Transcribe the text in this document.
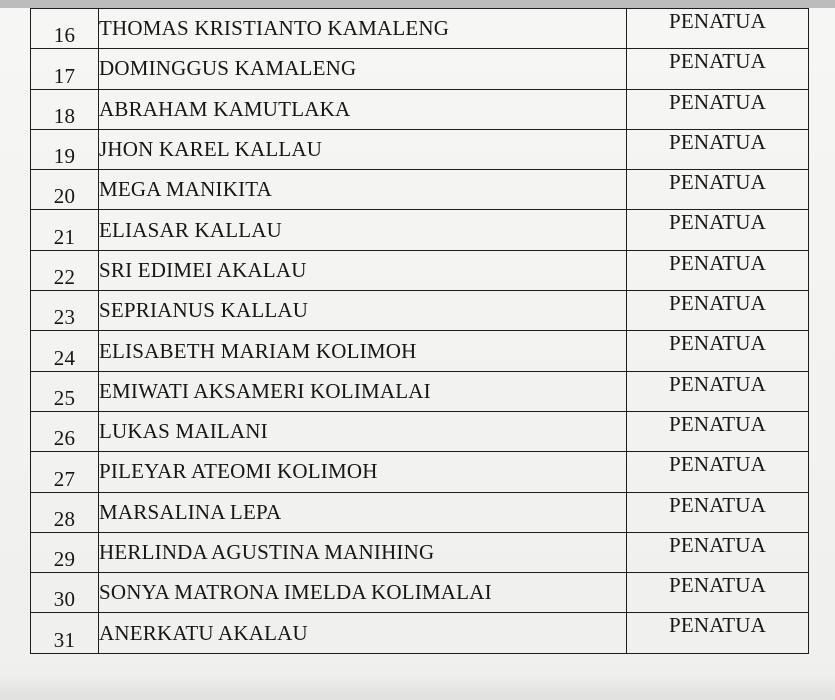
16	THOMAS KRISTIANTO KAMALENG	PENATUA
17	DOMINGGUS KAMALENG	PENATUA
18	ABRAHAM KAMUTLAKA	PENATUA
19	JHON KAREL KALLAU	PENATUA
20	MEGA MANIKITA	PENATUA
21	ELIASAR KALLAU	PENATUA
22	SRI EDIMEI AKALAU	PENATUA
23	SEPRIANUS KALLAU	PENATUA
24	ELISABETH MARIAM KOLIMOH	PENATUA
25	EMIWATI AKSAMERI KOLIMALAI	PENATUA
26	LUKAS MAILANI	PENATUA
27	PILEYAR ATEOMI KOLIMOH	PENATUA
28	MARSALINA LEPA	PENATUA
29	HERLINDA AGUSTINA MANIHING	PENATUA
30	SONYA MATRONA IMELDA KOLIMALAI	PENATUA
31	ANERKATU AKALAU	PENATUA
